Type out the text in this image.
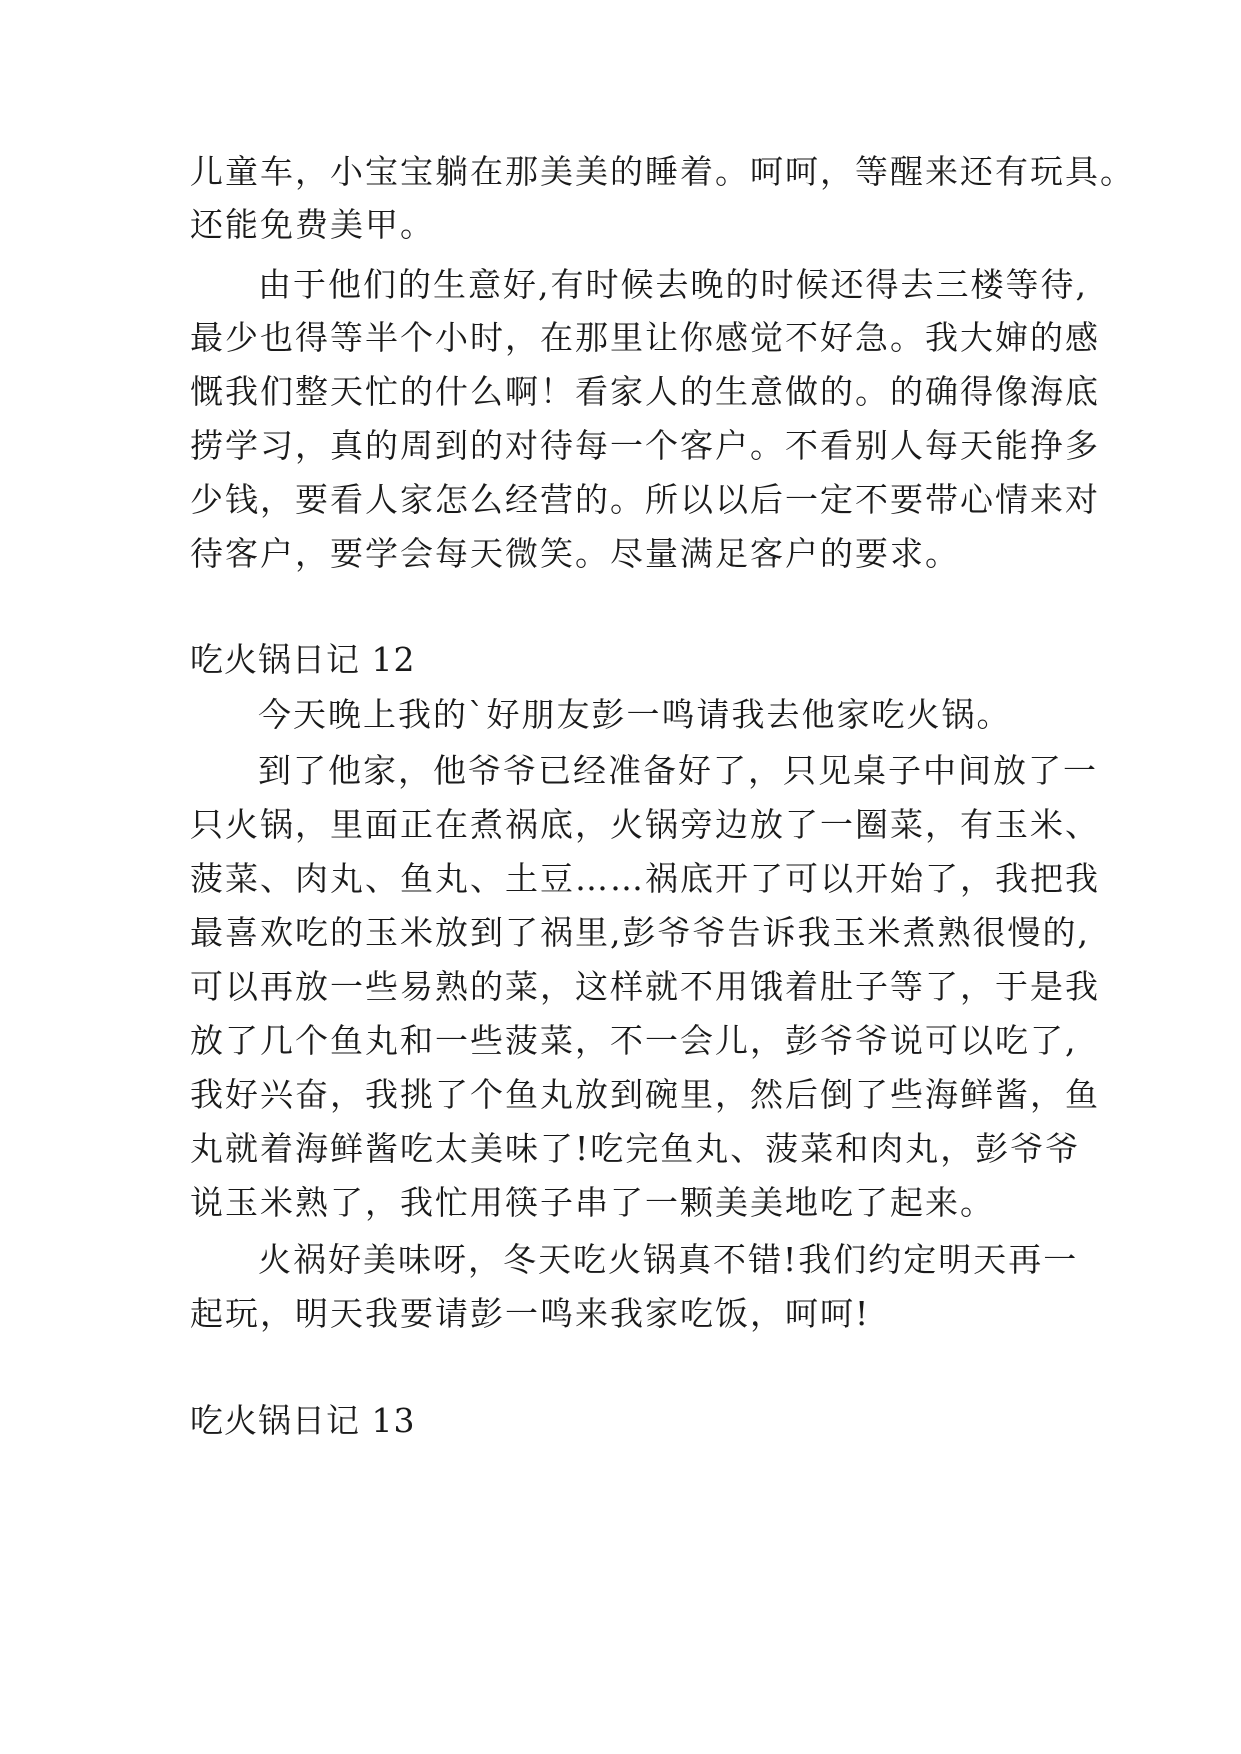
儿童车，小宝宝躺在那美美的睡着。呵呵，等醒来还有玩具。
还能免费美甲。
由于他们的生意好,有时候去晚的时候还得去三楼等待,
最少也得等半个小时，在那里让你感觉不好急。我大婶的感
慨我们整天忙的什么啊！看家人的生意做的。的确得像海底
捞学习，真的周到的对待每一个客户。不看别人每天能挣多
少钱，要看人家怎么经营的。所以以后一定不要带心情来对
待客户，要学会每天微笑。尽量满足客户的要求。
吃火锅日记 12
今天晚上我的`好朋友彭一鸣请我去他家吃火锅。
到了他家，他爷爷已经准备好了，只见桌子中间放了一
只火锅，里面正在煮祸底，火锅旁边放了一圈菜，有玉米、
菠菜、肉丸、鱼丸、土豆……祸底开了可以开始了，我把我
最喜欢吃的玉米放到了祸里,彭爷爷告诉我玉米煮熟很慢的,
可以再放一些易熟的菜，这样就不用饿着肚子等了，于是我
放了几个鱼丸和一些菠菜，不一会儿，彭爷爷说可以吃了,
我好兴奋，我挑了个鱼丸放到碗里，然后倒了些海鲜酱，鱼
丸就着海鲜酱吃太美味了!吃完鱼丸、菠菜和肉丸，彭爷爷
说玉米熟了，我忙用筷子串了一颗美美地吃了起来。
火祸好美味呀，冬天吃火锅真不错!我们约定明天再一
起玩，明天我要请彭一鸣来我家吃饭，呵呵!
吃火锅日记 13
